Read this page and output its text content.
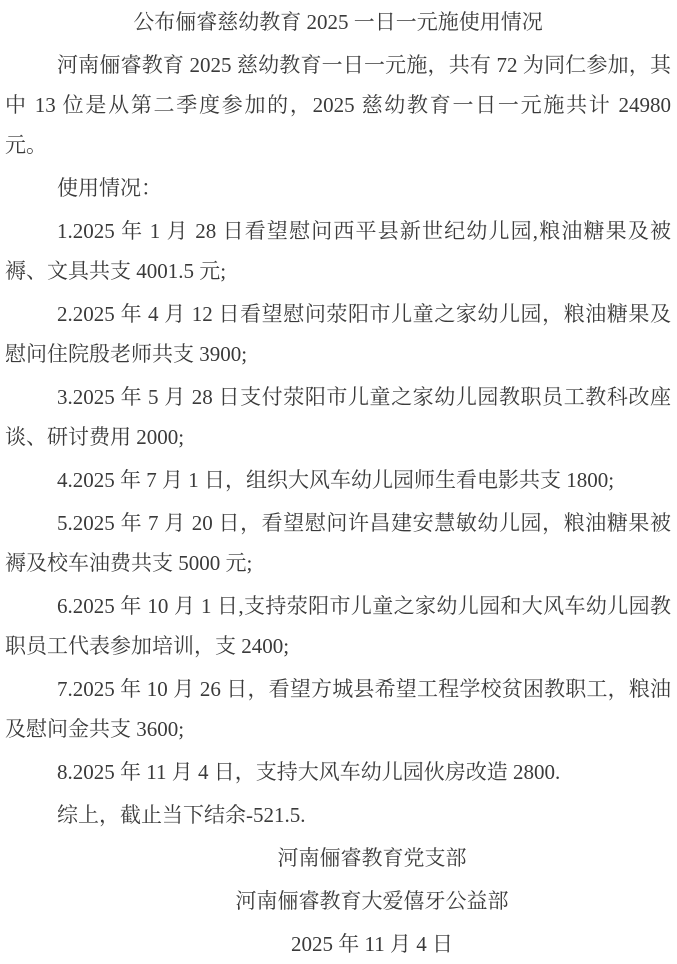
公布俪睿慈幼教育 2025 一日一元施使用情况

河南俪睿教育 2025 慈幼教育一日一元施，共有 72 为同仁参加，其中 13 位是从第二季度参加的，2025 慈幼教育一日一元施共计 24980 元。

使用情况：

1.2025 年 1 月 28 日看望慰问西平县新世纪幼儿园,粮油糖果及被褥、文具共支 4001.5 元;

2.2025 年 4 月 12 日看望慰问荥阳市儿童之家幼儿园，粮油糖果及慰问住院殷老师共支 3900;

3.2025 年 5 月 28 日支付荥阳市儿童之家幼儿园教职员工教科改座谈、研讨费用 2000;

4.2025 年 7 月 1 日，组织大风车幼儿园师生看电影共支 1800;

5.2025 年 7 月 20 日，看望慰问许昌建安慧敏幼儿园，粮油糖果被褥及校车油费共支 5000 元;

6.2025 年 10 月 1 日,支持荥阳市儿童之家幼儿园和大风车幼儿园教职员工代表参加培训，支 2400;

7.2025 年 10 月 26 日，看望方城县希望工程学校贫困教职工，粮油及慰问金共支 3600;

8.2025 年 11 月 4 日，支持大风车幼儿园伙房改造 2800.

综上，截止当下结余-521.5.

河南俪睿教育党支部

河南俪睿教育大爱僖牙公益部

2025 年 11 月 4 日
